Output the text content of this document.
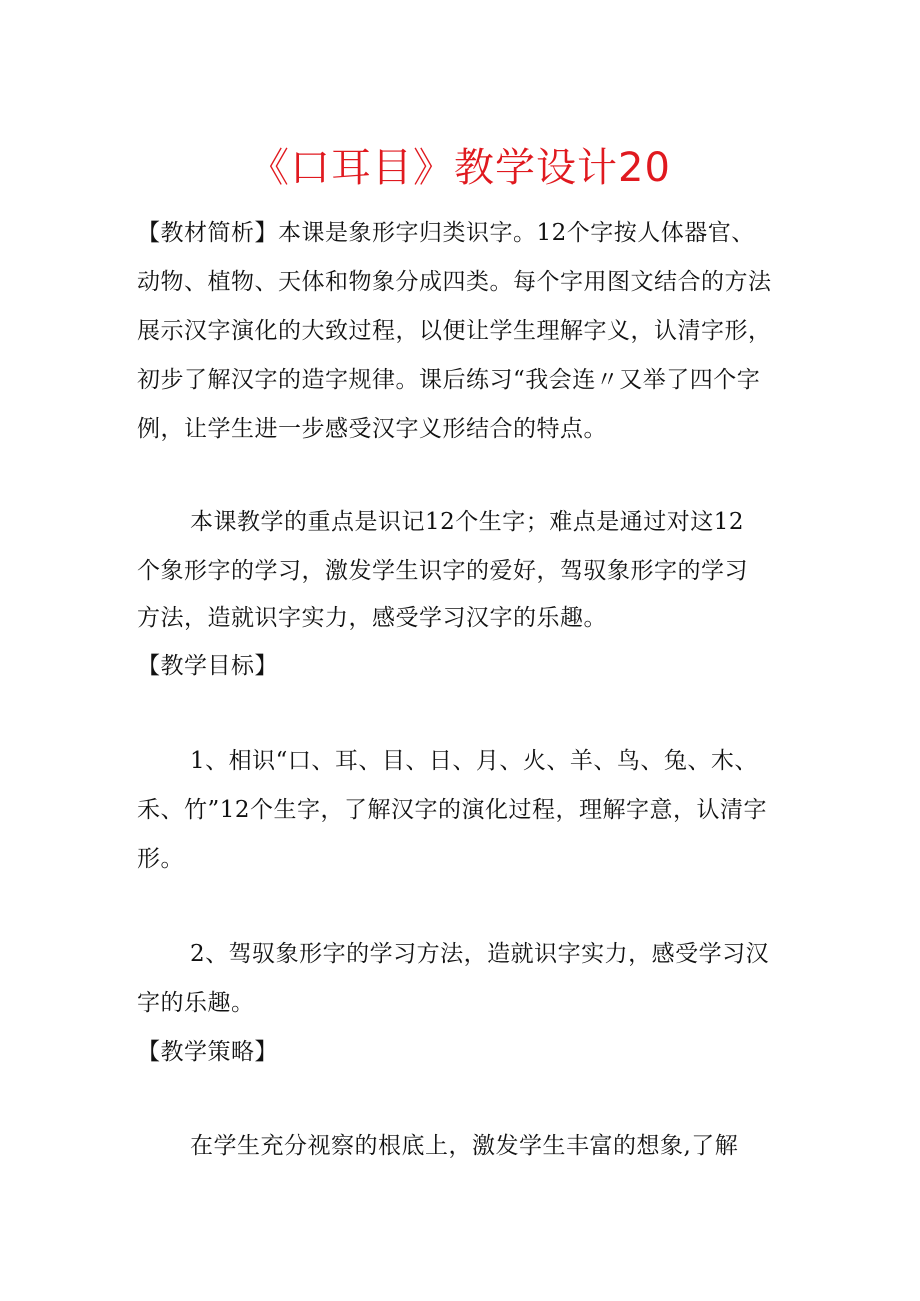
《口耳目》教学设计20
【教材简析】本课是象形字归类识字。12个字按人体器官、
动物、植物、天体和物象分成四类。每个字用图文结合的方法
展示汉字演化的大致过程，以便让学生理解字义，认清字形，
初步了解汉字的造字规律。课后练习“我会连〃又举了四个字
例，让学生进一步感受汉字义形结合的特点。
本课教学的重点是识记12个生字；难点是通过对这12
个象形字的学习，激发学生识字的爱好，驾驭象形字的学习
方法，造就识字实力，感受学习汉字的乐趣。
【教学目标】
1、相识“口、耳、目、日、月、火、羊、鸟、兔、木、
禾、竹”12个生字，了解汉字的演化过程，理解字意，认清字
形。
2、驾驭象形字的学习方法，造就识字实力，感受学习汉
字的乐趣。
【教学策略】
在学生充分视察的根底上，激发学生丰富的想象,了解
